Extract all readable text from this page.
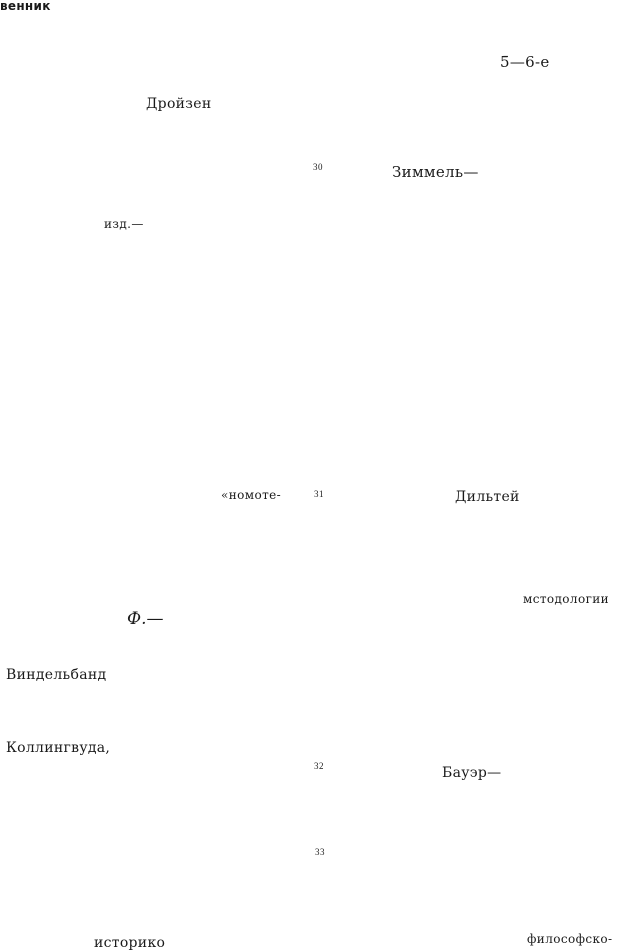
венник
5̄—6-е
Дройзен
30	Зиммель—
изд.—
«номоте-	31	Дильтей
мстодологии
Ф.—
Виндельбанд
Коллингвуда,
32	Бауэр—
33
историко	философско-
